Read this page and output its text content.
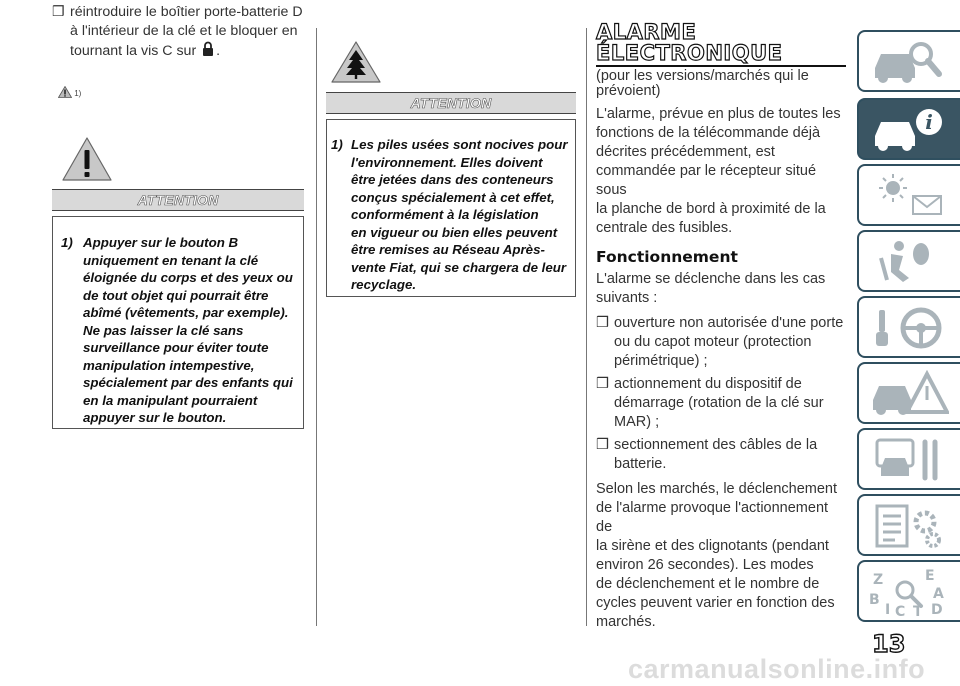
❒ réintroduire le boîtier porte-batterie D
à l'intérieur de la clé et le bloquer en
tournant la vis C sur .
1)
ATTENTION
1) Appuyer sur le bouton B
uniquement en tenant la clé
éloignée du corps et des yeux ou
de tout objet qui pourrait être
abîmé (vêtements, par exemple).
Ne pas laisser la clé sans
surveillance pour éviter toute
manipulation intempestive,
spécialement par des enfants qui
en la manipulant pourraient
appuyer sur le bouton.
ATTENTION
1) Les piles usées sont nocives pour
l'environnement. Elles doivent
être jetées dans des conteneurs
conçus spécialement à cet effet,
conformément à la législation
en vigueur ou bien elles peuvent
être remises au Réseau Après-
vente Fiat, qui se chargera de leur
recyclage.
ALARME
ÉLECTRONIQUE
(pour les versions/marchés qui le
prévoient)
L'alarme, prévue en plus de toutes les
fonctions de la télécommande déjà
décrites précédemment, est
commandée par le récepteur situé sous
la planche de bord à proximité de la
centrale des fusibles.
Fonctionnement
L'alarme se déclenche dans les cas
suivants :
❒ ouverture non autorisée d'une porte
ou du capot moteur (protection
périmétrique) ;
❒ actionnement du dispositif de
démarrage (rotation de la clé sur
MAR) ;
❒ sectionnement des câbles de la
batterie.
Selon les marchés, le déclenchement
de l'alarme provoque l'actionnement de
la sirène et des clignotants (pendant
environ 26 secondes). Les modes
de déclenchement et le nombre de
cycles peuvent varier en fonction des
marchés.
i
Z	E
B	A
I C T D
13
carmanualsonline.info
